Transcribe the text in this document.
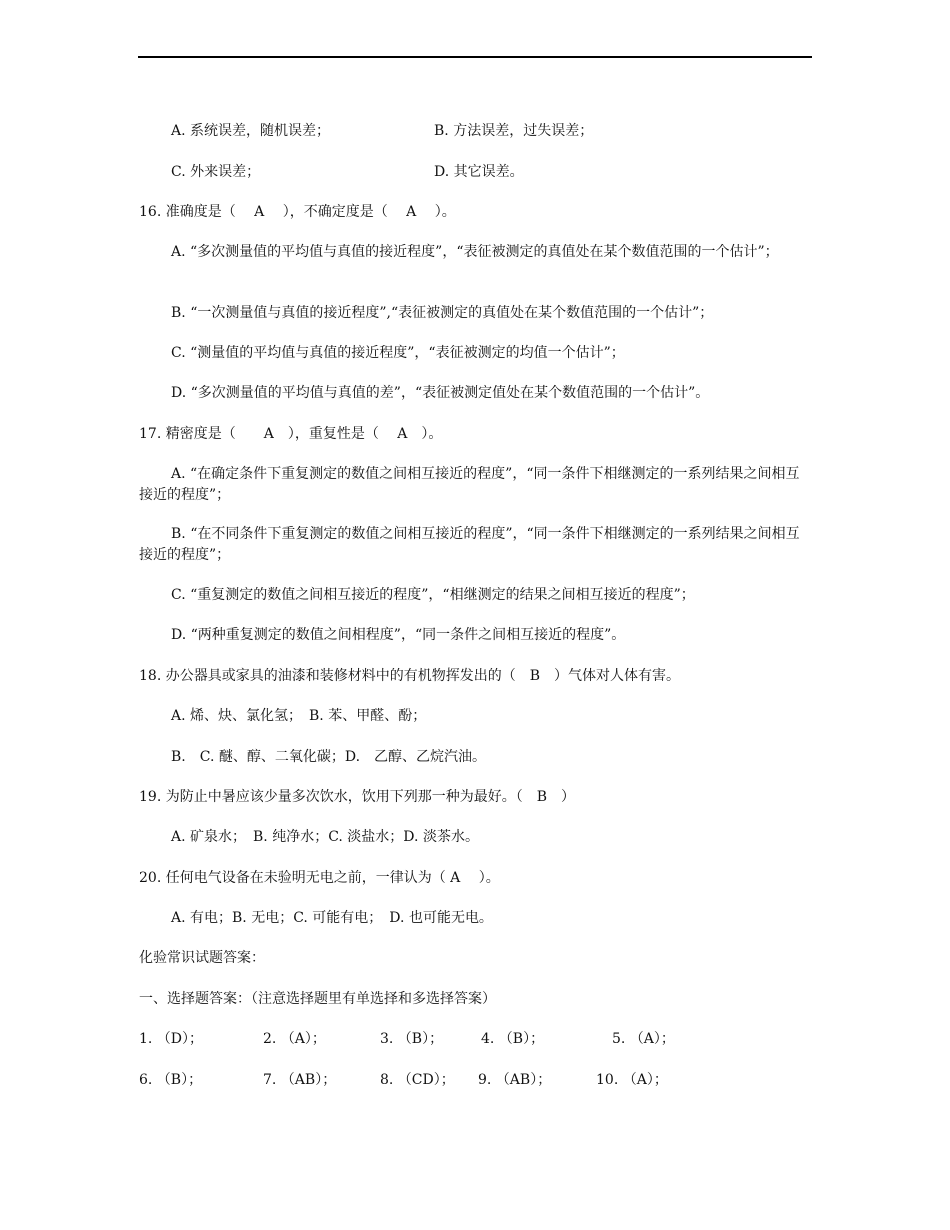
A. 系统误差，随机误差；	B. 方法误差，过失误差；
C. 外来误差；	D. 其它误差。
16. 准确度是（　 A　 ），不确定度是（　 A　 ）。
B. “一次测量值与真值的接近程度”,“表征被测定的真值处在某个数值范围的一个估计”；
C. “测量值的平均值与真值的接近程度”，“表征被测定的均值一个估计”；
D. “多次测量值的平均值与真值的差”，“表征被测定值处在某个数值范围的一个估计”。
17. 精密度是（　　A　），重复性是（　 A　）。
C. “重复测定的数值之间相互接近的程度”，“相继测定的结果之间相互接近的程度”；
D. “两种重复测定的数值之间相程度”，“同一条件之间相互接近的程度”。
18. 办公器具或家具的油漆和装修材料中的有机物挥发出的（　B　）气体对人体有害。
A. 烯、炔、氯化氢；　B. 苯、甲醛、酚；
B.　C. 醚、醇、二氧化碳；D.　乙醇、乙烷汽油。
19. 为防止中暑应该少量多次饮水，饮用下列那一种为最好。（　B　）
A. 矿泉水；　B. 纯净水；C. 淡盐水；D. 淡茶水。
20. 任何电气设备在未验明无电之前，一律认为（ A　 ）。
A. 有电；B. 无电；C. 可能有电；　D. 也可能无电。
化验常识试题答案：
一、选择题答案：（注意选择题里有单选择和多选择答案）
1. （D）；	2. （A）；	3. （B）；	4. （B）；	5. （A）；
6. （B）；	7. （AB）；	8. （CD）； 9. （AB）；	10. （A）；
A. “多次测量值的平均值与真值的接近程度”，“表征被测定的真值处在某个数值范围的一个估计”；
A. “在确定条件下重复测定的数值之间相互接近的程度”，“同一条件下相继测定的一系列结果之间相互接近的程度”；
B. “在不同条件下重复测定的数值之间相互接近的程度”，“同一条件下相继测定的一系列结果之间相互接近的程度”；
